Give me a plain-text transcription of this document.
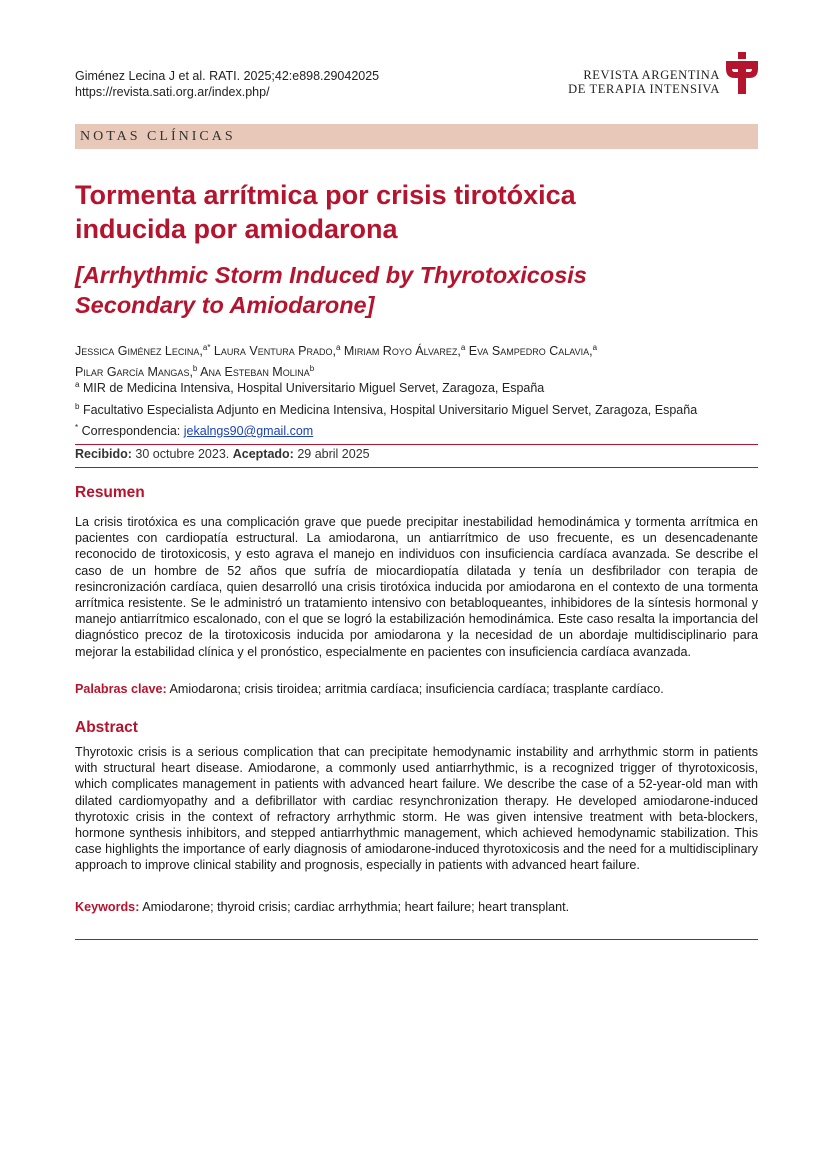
Giménez Lecina J et al. RATI. 2025;42:e898.29042025
https://revista.sati.org.ar/index.php/
REVISTA ARGENTINA
DE TERAPIA INTENSIVA
NOTAS CLÍNICAS
Tormenta arrítmica por crisis tirotóxica
inducida por amiodarona
[Arrhythmic Storm Induced by Thyrotoxicosis
Secondary to Amiodarone]
Jessica Giménez Lecina,$^{a*}$ Laura Ventura Prado,$^a$ Miriam Royo Álvarez,$^a$ Eva Sampedro Calavia,$^a$
Pilar García Mangas,$^b$ Ana Esteban Molina$^b$
$^a$ MIR de Medicina Intensiva, Hospital Universitario Miguel Servet, Zaragoza, España
$^b$ Facultativo Especialista Adjunto en Medicina Intensiva, Hospital Universitario Miguel Servet, Zaragoza, España
* Correspondencia: jekalngs90@gmail.com
Recibido: 30 octubre 2023. Aceptado: 29 abril 2025
Resumen

La crisis tirotóxica es una complicación grave que puede precipitar inestabilidad hemodinámica y tormenta arrítmica en pacientes con cardiopatía estructural. La amiodarona, un antiarrítmico de uso frecuente, es un desencadenante reconocido de tirotoxicosis, y esto agrava el manejo en individuos con insuficiencia cardíaca avanzada. Se describe el caso de un hombre de 52 años que sufría de miocardiopatía dilatada y tenía un desfibrilador con terapia de resincronización cardíaca, quien desarrolló una crisis tirotóxica inducida por amiodarona en el contexto de una tormenta arrítmica resistente. Se le administró un tratamiento intensivo con betabloqueantes, inhibidores de la síntesis hormonal y manejo antiarrítmico escalonado, con el que se logró la estabilización hemodinámica. Este caso resalta la importancia del diagnóstico precoz de la tirotoxicosis inducida por amiodarona y la necesidad de un abordaje multidisciplinario para mejorar la estabilidad clínica y el pronóstico, especialmente en pacientes con insuficiencia cardíaca avanzada.

Palabras clave: Amiodarona; crisis tiroidea; arritmia cardíaca; insuficiencia cardíaca; trasplante cardíaco.
Abstract

Thyrotoxic crisis is a serious complication that can precipitate hemodynamic instability and arrhythmic storm in patients with structural heart disease. Amiodarone, a commonly used antiarrhythmic, is a recognized trigger of thyrotoxicosis, which complicates management in patients with advanced heart failure. We describe the case of a 52-year-old man with dilated cardiomyopathy and a defibrillator with cardiac resynchronization therapy. He developed amiodarone-induced thyrotoxic crisis in the context of refractory arrhythmic storm. He was given intensive treatment with beta-blockers, hormone synthesis inhibitors, and stepped antiarrhythmic management, which achieved hemodynamic stabilization. This case highlights the importance of early diagnosis of amiodarone-induced thyrotoxicosis and the need for a multidisciplinary approach to improve clinical stability and prognosis, especially in patients with advanced heart failure.

Keywords: Amiodarone; thyroid crisis; cardiac arrhythmia; heart failure; heart transplant.
